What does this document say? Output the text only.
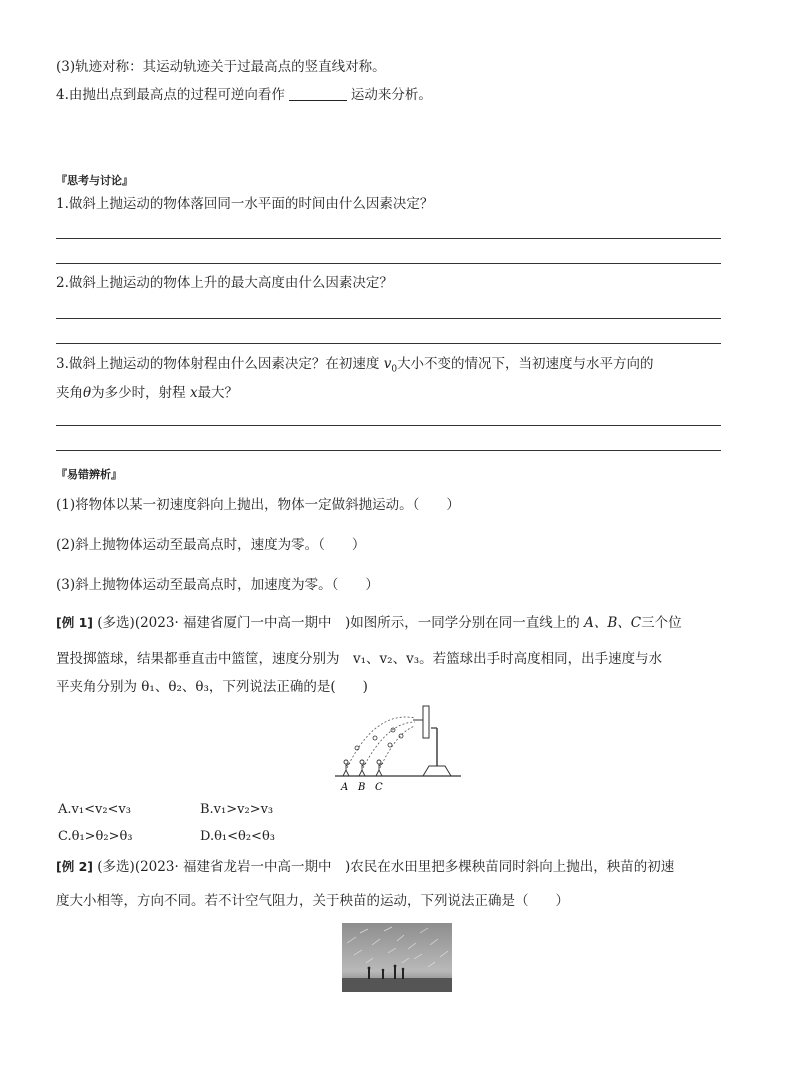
(3)轨迹对称：其运动轨迹关于过最高点的竖直线对称。
4.由抛出点到最高点的过程可逆向看作	运动来分析。
『思考与讨论』
1.做斜上抛运动的物体落回同一水平面的时间由什么因素决定？
2.做斜上抛运动的物体上升的最大高度由什么因素决定？
3.做斜上抛运动的物体射程由什么因素决定？在初速度 $v_0$大小不变的情况下，当初速度与水平方向的
夹角θ为多少时，射程 x最大？
『易错辨析』
(1)将物体以某一初速度斜向上抛出，物体一定做斜抛运动。（　　）
(2)斜上抛物体运动至最高点时，速度为零。（　　）
(3)斜上抛物体运动至最高点时，加速度为零。（　　）
[例 1] (多选)(2023· 福建省厦门一中高一期中　)如图所示，一同学分别在同一直线上的 A、B、C三个位
置投掷篮球，结果都垂直击中篮筐，速度分别为　v₁、v₂、v₃。若篮球出手时高度相同，出手速度与水
平夹角分别为 θ₁、θ₂、θ₃，下列说法正确的是(　　)
A B C
A.v₁<v₂<v₃	B.v₁>v₂>v₃
C.θ₁>θ₂>θ₃	D.θ₁<θ₂<θ₃
[例 2] (多选)(2023· 福建省龙岩一中高一期中　)农民在水田里把多棵秧苗同时斜向上抛出，秧苗的初速
度大小相等，方向不同。若不计空气阻力，关于秧苗的运动，下列说法正确是（　　）
